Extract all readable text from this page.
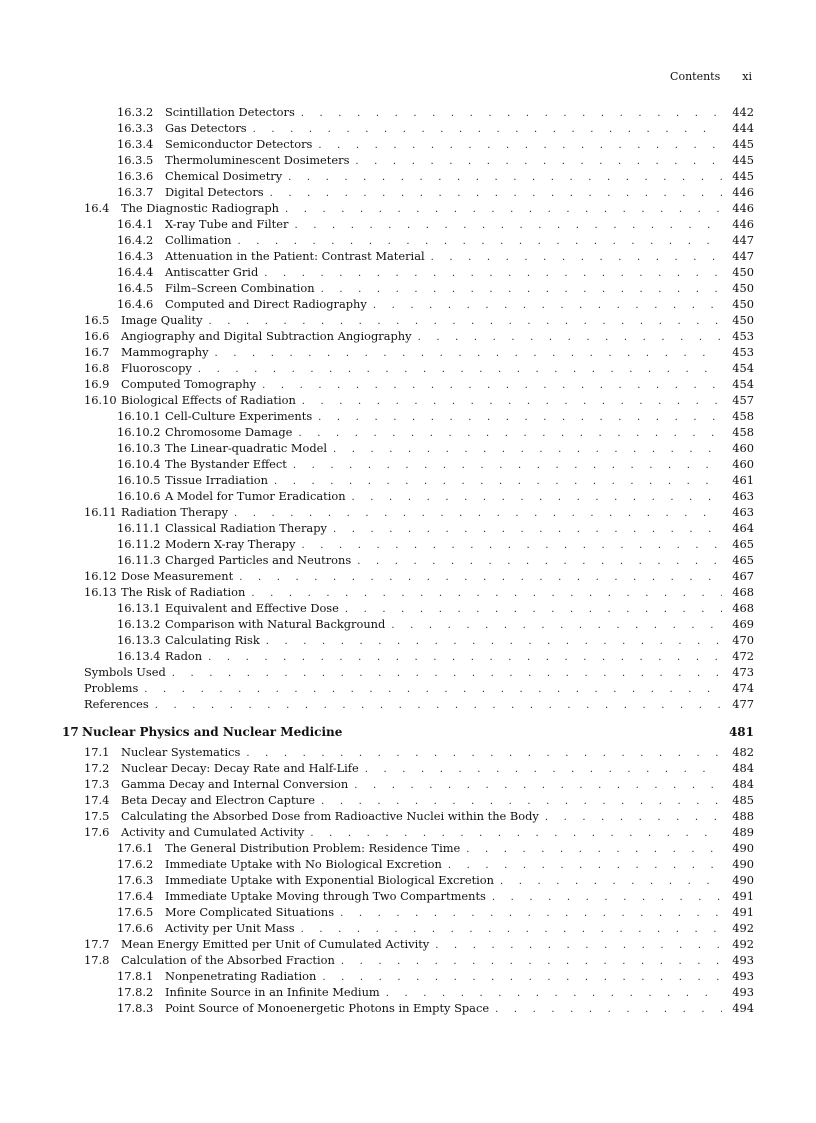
Contents xi
16.3.2	Scintillation Detectors . . .	442
16.3.3	Gas Detectors . . .	444
16.3.4	Semiconductor Detectors . . .	445
16.3.5	Thermoluminescent Dosimeters . . .	445
16.3.6	Chemical Dosimetry . . .	445
16.3.7	Digital Detectors . . .	446
16.4	The Diagnostic Radiograph . . .	446
16.4.1	X-ray Tube and Filter . . .	446
16.4.2	Collimation . . .	447
16.4.3	Attenuation in the Patient: Contrast Material . . .	447
16.4.4	Antiscatter Grid . . .	450
16.4.5	Film–Screen Combination . . .	450
16.4.6	Computed and Direct Radiography . . .	450
16.5	Image Quality . . .	450
16.6	Angiography and Digital Subtraction Angiography . . .	453
16.7	Mammography . . .	453
16.8	Fluoroscopy . . .	454
16.9	Computed Tomography . . .	454
16.10 Biological Effects of Radiation . . .	457
16.10.1 Cell-Culture Experiments . . .	458
16.10.2 Chromosome Damage . . .	458
16.10.3 The Linear-quadratic Model . . .	460
16.10.4 The Bystander Effect . . .	460
16.10.5 Tissue Irradiation . . .	461
16.10.6 A Model for Tumor Eradication . . .	463
16.11 Radiation Therapy . . .	463
16.11.1 Classical Radiation Therapy . . .	464
16.11.2 Modern X-ray Therapy . . .	465
16.11.3 Charged Particles and Neutrons . . .	465
16.12 Dose Measurement . . .	467
16.13 The Risk of Radiation . . .	468
16.13.1 Equivalent and Effective Dose . . .	468
16.13.2 Comparison with Natural Background . . .	469
16.13.3 Calculating Risk . . .	470
16.13.4 Radon . . .	472
Symbols Used . . .	473
Problems . . .	474
References . . .	477
17 Nuclear Physics and Nuclear Medicine	481
17.1	Nuclear Systematics . . .	482
17.2	Nuclear Decay: Decay Rate and Half-Life . . .	484
17.3	Gamma Decay and Internal Conversion . . .	484
17.4	Beta Decay and Electron Capture . . .	485
17.5	Calculating the Absorbed Dose from Radioactive Nuclei within the Body . . .	488
17.6	Activity and Cumulated Activity . . .	489
17.6.1	The General Distribution Problem: Residence Time . . .	490
17.6.2	Immediate Uptake with No Biological Excretion . . .	490
17.6.3	Immediate Uptake with Exponential Biological Excretion . . .	490
17.6.4	Immediate Uptake Moving through Two Compartments . . .	491
17.6.5	More Complicated Situations . . .	491
17.6.6	Activity per Unit Mass . . .	492
17.7	Mean Energy Emitted per Unit of Cumulated Activity . . .	492
17.8	Calculation of the Absorbed Fraction . . .	493
17.8.1	Nonpenetrating Radiation . . .	493
17.8.2	Infinite Source in an Infinite Medium . . .	493
17.8.3	Point Source of Monoenergetic Photons in Empty Space . . .	494
